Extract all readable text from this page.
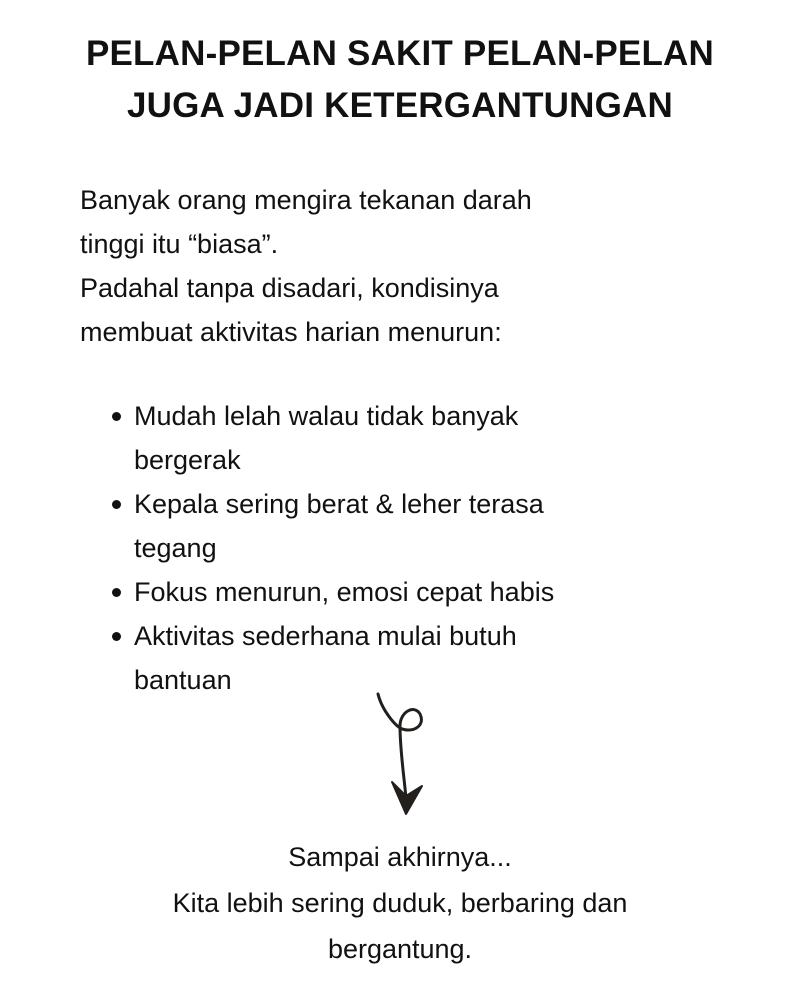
PELAN-PELAN SAKIT PELAN-PELAN
JUGA JADI KETERGANTUNGAN

Banyak orang mengira tekanan darah
tinggi itu “biasa”.
Padahal tanpa disadari, kondisinya
membuat aktivitas harian menurun:

Mudah lelah walau tidak banyak
bergerak
Kepala sering berat & leher terasa
tegang
Fokus menurun, emosi cepat habis
Aktivitas sederhana mulai butuh
bantuan

Sampai akhirnya...
Kita lebih sering duduk, berbaring dan
bergantung.
